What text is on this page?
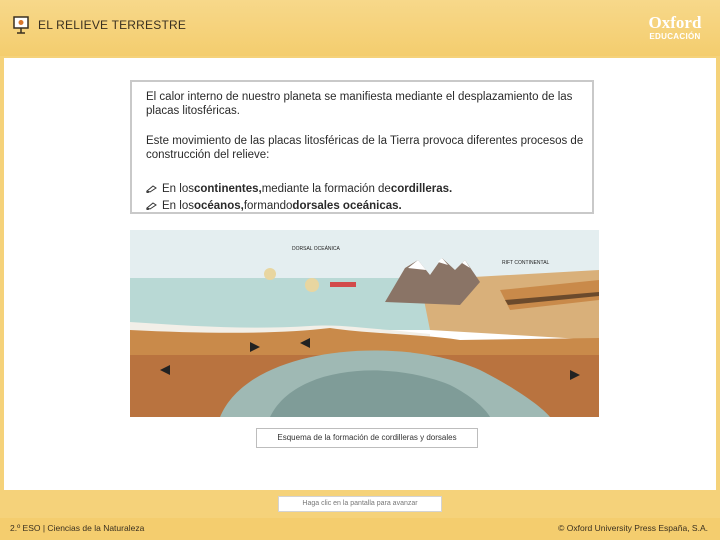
EL RELIEVE TERRESTRE	Oxford
EDUCACIÓN

El calor interno de nuestro planeta se manifiesta mediante el desplazamiento de las placas litosféricas.

Este movimiento de las placas litosféricas de la Tierra provoca diferentes procesos de construcción del relieve:

En los continentes, mediante la formación de cordilleras.
En los océanos, formando dorsales oceánicas.
DORSAL OCEÁNICA
RIFT CONTINENTAL
Esquema de la formación de cordilleras y dorsales
Haga clic en la pantalla para avanzar
2.º ESO | Ciencias de la Naturaleza	© Oxford University Press España, S.A.
